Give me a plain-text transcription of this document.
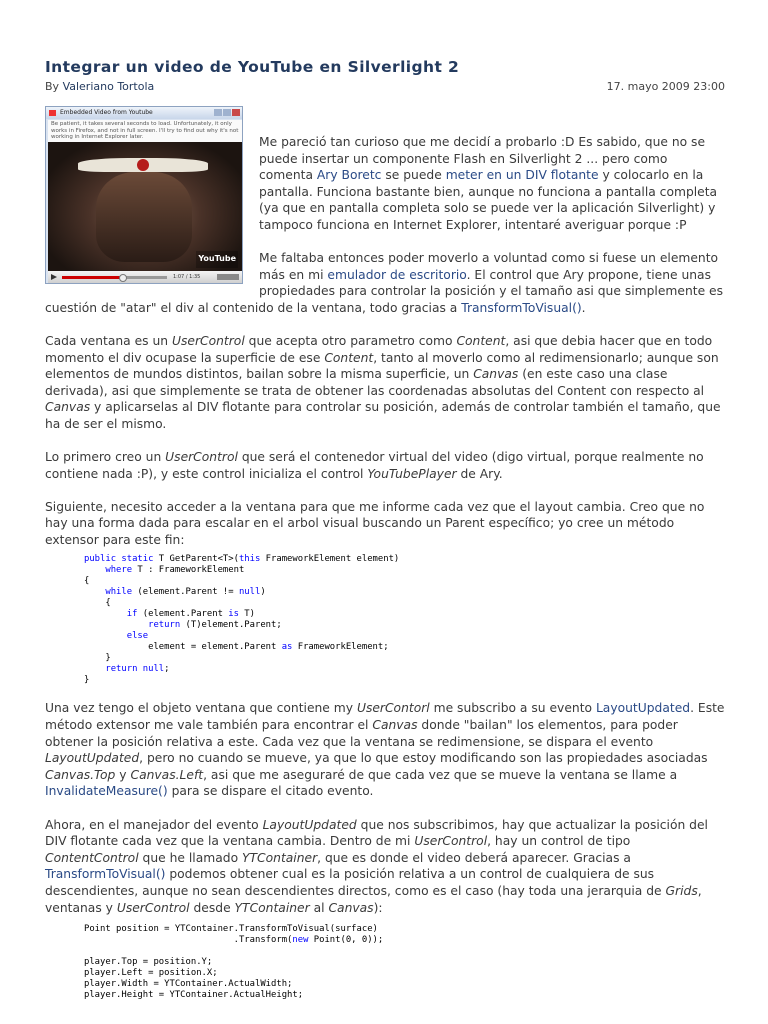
Integrar un video de YouTube en Silverlight 2
By Valeriano Tortola	17. mayo 2009 23:00
Embedded Video from Youtube
Be patient, it takes several seconds to load. Unfortunately, it only works in Firefox, and not in full screen. I'll try to find out why it's not working in Internet Explorer later.
YouTube
1:07 / 1:35

Me pareció tan curioso que me decidí a probarlo :D Es sabido, que no se puede insertar un componente Flash en Silverlight 2 ... pero como comenta Ary Boretc se puede meter en un DIV flotante y colocarlo en la pantalla. Funciona bastante bien, aunque no funciona a pantalla completa (ya que en pantalla completa solo se puede ver la aplicación Silverlight) y tampoco funciona en Internet Explorer, intentaré averiguar porque :P

Me faltaba entonces poder moverlo a voluntad como si fuese un elemento más en mi emulador de escritorio. El control que Ary propone, tiene unas propiedades para controlar la posición y el tamaño asi que simplemente es cuestión de "atar" el div al contenido de la ventana, todo gracias a TransformToVisual().

Cada ventana es un UserControl que acepta otro parametro como Content, asi que debia hacer que en todo momento el div ocupase la superficie de ese Content, tanto al moverlo como al redimensionarlo; aunque son elementos de mundos distintos, bailan sobre la misma superficie, un Canvas (en este caso una clase derivada), asi que simplemente se trata de obtener las coordenadas absolutas del Content con respecto al Canvas y aplicarselas al DIV flotante para controlar su posición, además de controlar también el tamaño, que ha de ser el mismo.

Lo primero creo un UserControl que será el contenedor virtual del video (digo virtual, porque realmente no contiene nada :P), y este control inicializa el control YouTubePlayer de Ary.

Siguiente, necesito acceder a la ventana para que me informe cada vez que el layout cambia. Creo que no hay una forma dada para escalar en el arbol visual buscando un Parent específico; yo cree un método extensor para este fin:

public static T GetParent<T>(this FrameworkElement element)
where T : FrameworkElement
{
while (element.Parent != null)
{
if (element.Parent is T)
return (T)element.Parent;
else
element = element.Parent as FrameworkElement;
}
return null;
}

Una vez tengo el objeto ventana que contiene my UserContorl me subscribo a su evento LayoutUpdated. Este método extensor me vale también para encontrar el Canvas donde "bailan" los elementos, para poder obtener la posición relativa a este. Cada vez que la ventana se redimensione, se dispara el evento LayoutUpdated, pero no cuando se mueve, ya que lo que estoy modificando son las propiedades asociadas Canvas.Top y Canvas.Left, asi que me aseguraré de que cada vez que se mueve la ventana se llame a InvalidateMeasure() para se dispare el citado evento.

Ahora, en el manejador del evento LayoutUpdated que nos subscribimos, hay que actualizar la posición del DIV flotante cada vez que la ventana cambia. Dentro de mi UserControl, hay un control de tipo ContentControl que he llamado YTContainer, que es donde el video deberá aparecer. Gracias a TransformToVisual() podemos obtener cual es la posición relativa a un control de cualquiera de sus descendientes, aunque no sean descendientes directos, como es el caso (hay toda una jerarquia de Grids, ventanas y UserControl desde YTContainer al Canvas):

Point position = YTContainer.TransformToVisual(surface)
.Transform(new Point(0, 0));

player.Top = position.Y;
player.Left = position.X;
player.Width = YTContainer.ActualWidth;
player.Height = YTContainer.ActualHeight;
